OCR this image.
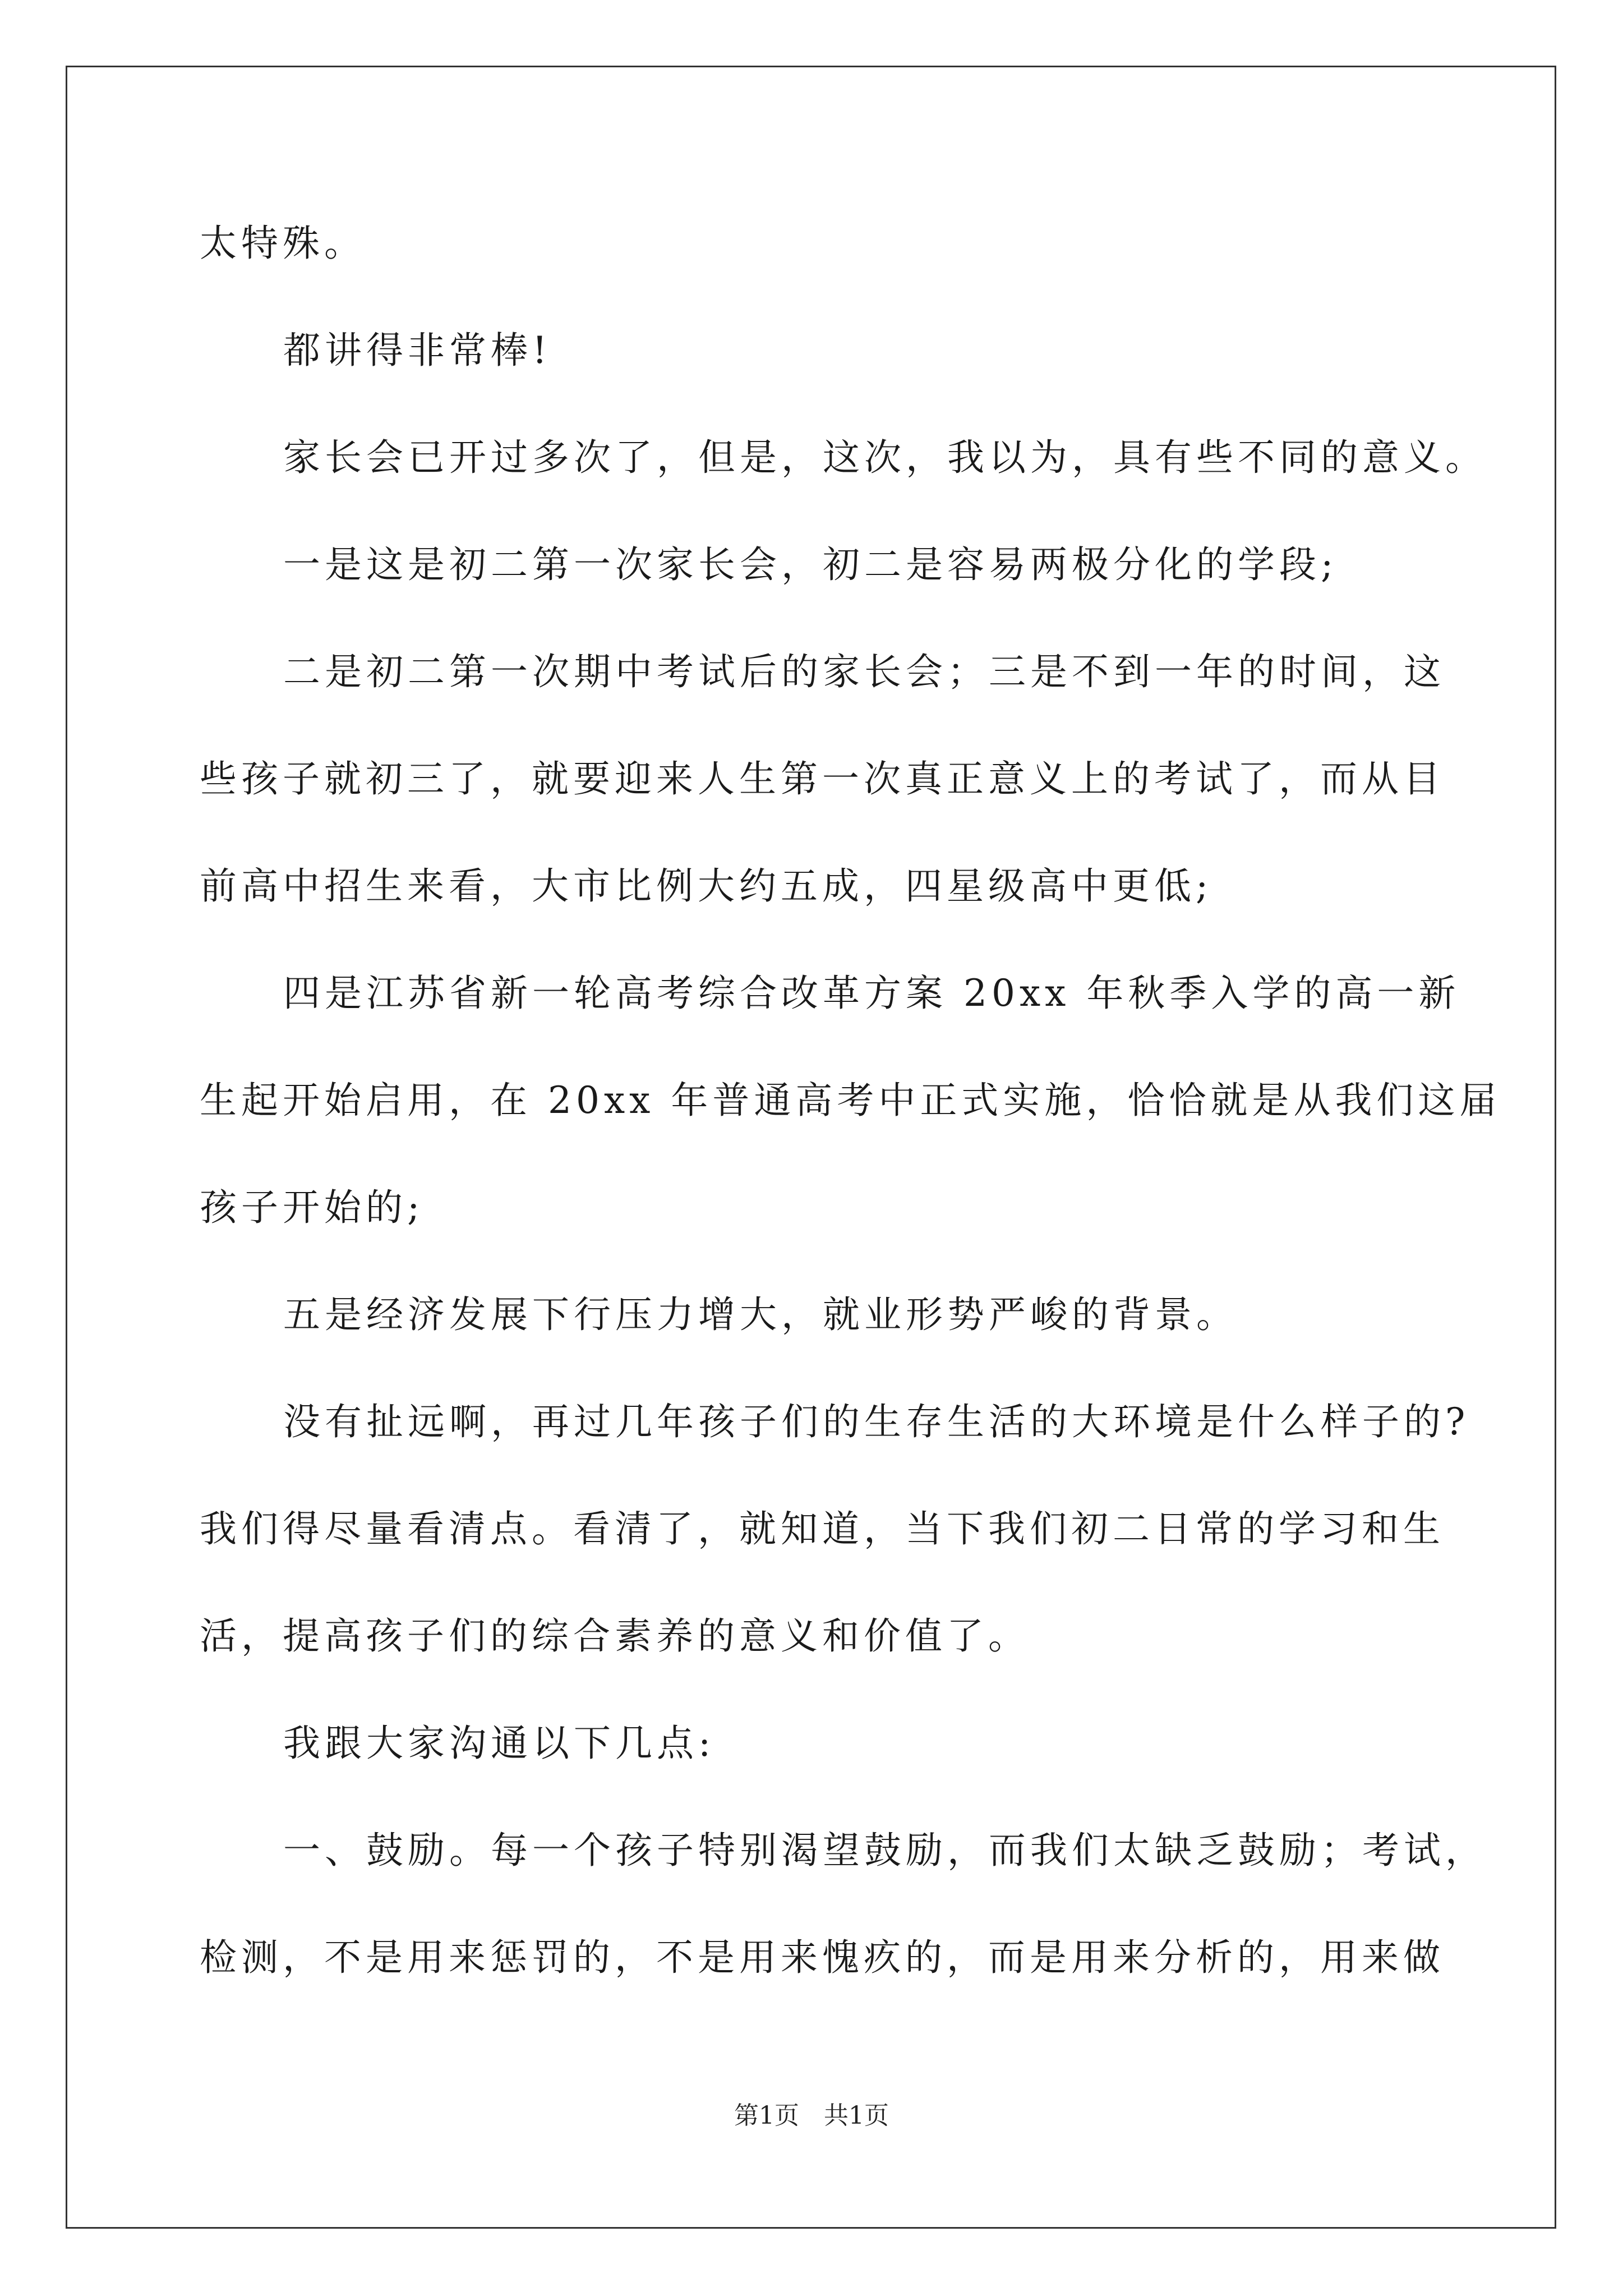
太特殊。
都讲得非常棒!
家长会已开过多次了，但是，这次，我以为，具有些不同的意义。
一是这是初二第一次家长会，初二是容易两极分化的学段;
二是初二第一次期中考试后的家长会；三是不到一年的时间，这
些孩子就初三了，就要迎来人生第一次真正意义上的考试了，而从目
前高中招生来看，大市比例大约五成，四星级高中更低;
四是江苏省新一轮高考综合改革方案 20xx 年秋季入学的高一新
生起开始启用，在 20xx 年普通高考中正式实施，恰恰就是从我们这届
孩子开始的;
五是经济发展下行压力增大，就业形势严峻的背景。
没有扯远啊，再过几年孩子们的生存生活的大环境是什么样子的?
我们得尽量看清点。看清了，就知道，当下我们初二日常的学习和生
活，提高孩子们的综合素养的意义和价值了。
我跟大家沟通以下几点:
一、鼓励。每一个孩子特别渴望鼓励，而我们太缺乏鼓励；考试，
检测，不是用来惩罚的，不是用来愧疚的，而是用来分析的，用来做
第1页　共1页
